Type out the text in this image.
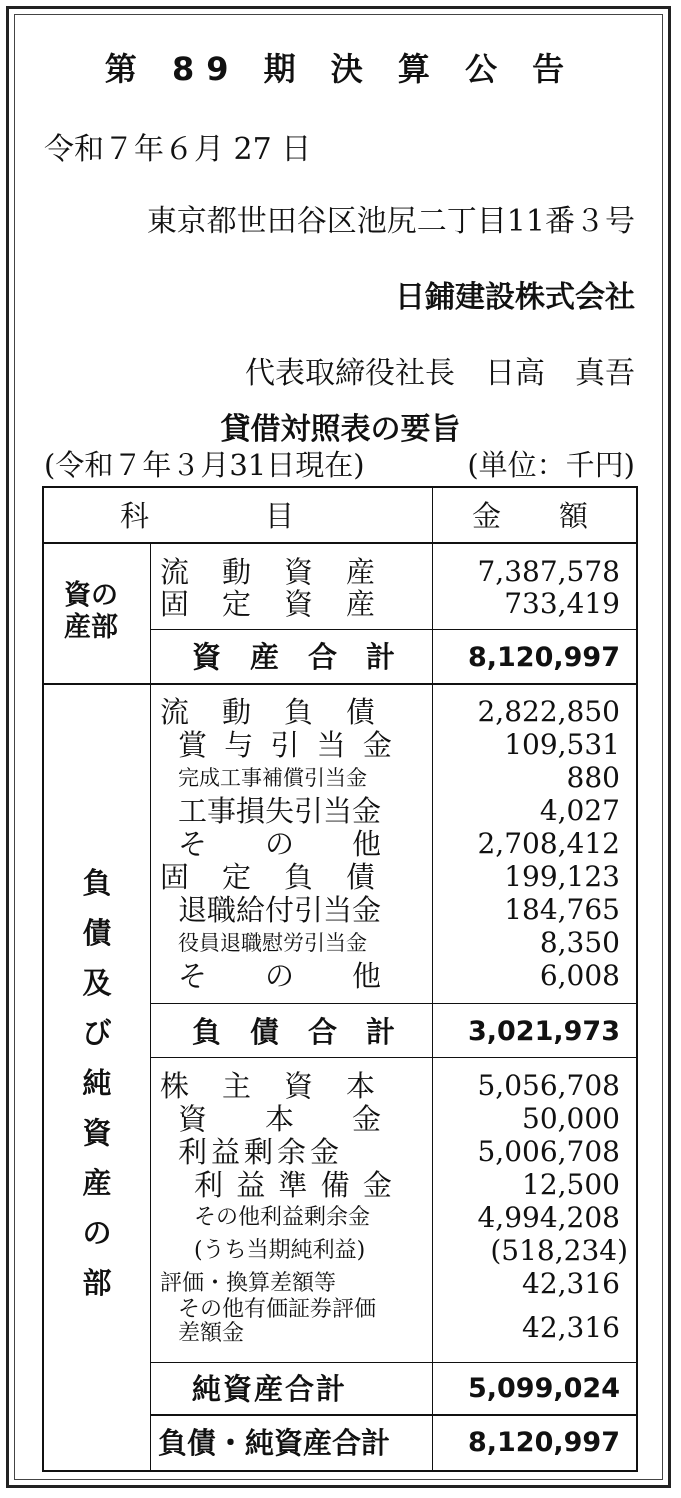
第 89 期 決 算 公 告
令和７年６月 27 日
東京都世田谷区池尻二丁目11番３号
日鋪建設株式会社
代表取締役社長　日高　真吾
貸借対照表の要旨
(令和７年３月31日現在)	(単位：千円)
科　　　　目	金　　額
資の
産部
流　動　資　産	7,387,578
固　定　資　産	733,419
資　産　合　計	8,120,997
負債及び純資産の部
流　動　負　債	2,822,850
賞 与 引 当 金	109,531
完成工事補償引当金	880
工事損失引当金	4,027
そ　　の　　他	2,708,412
固　定　負　債	199,123
退職給付引当金	184,765
役員退職慰労引当金	8,350
そ　　の　　他	6,008
負　債　合　計	3,021,973
株　主　資　本	5,056,708
資　　本　　金	50,000
利益剰余金	5,006,708
利 益 準 備 金	12,500
その他利益剰余金	4,994,208
(うち当期純利益)	(518,234)
評価・換算差額等	42,316
その他有価証券評価
差額金	42,316
純資産合計	5,099,024
負債・純資産合計	8,120,997
